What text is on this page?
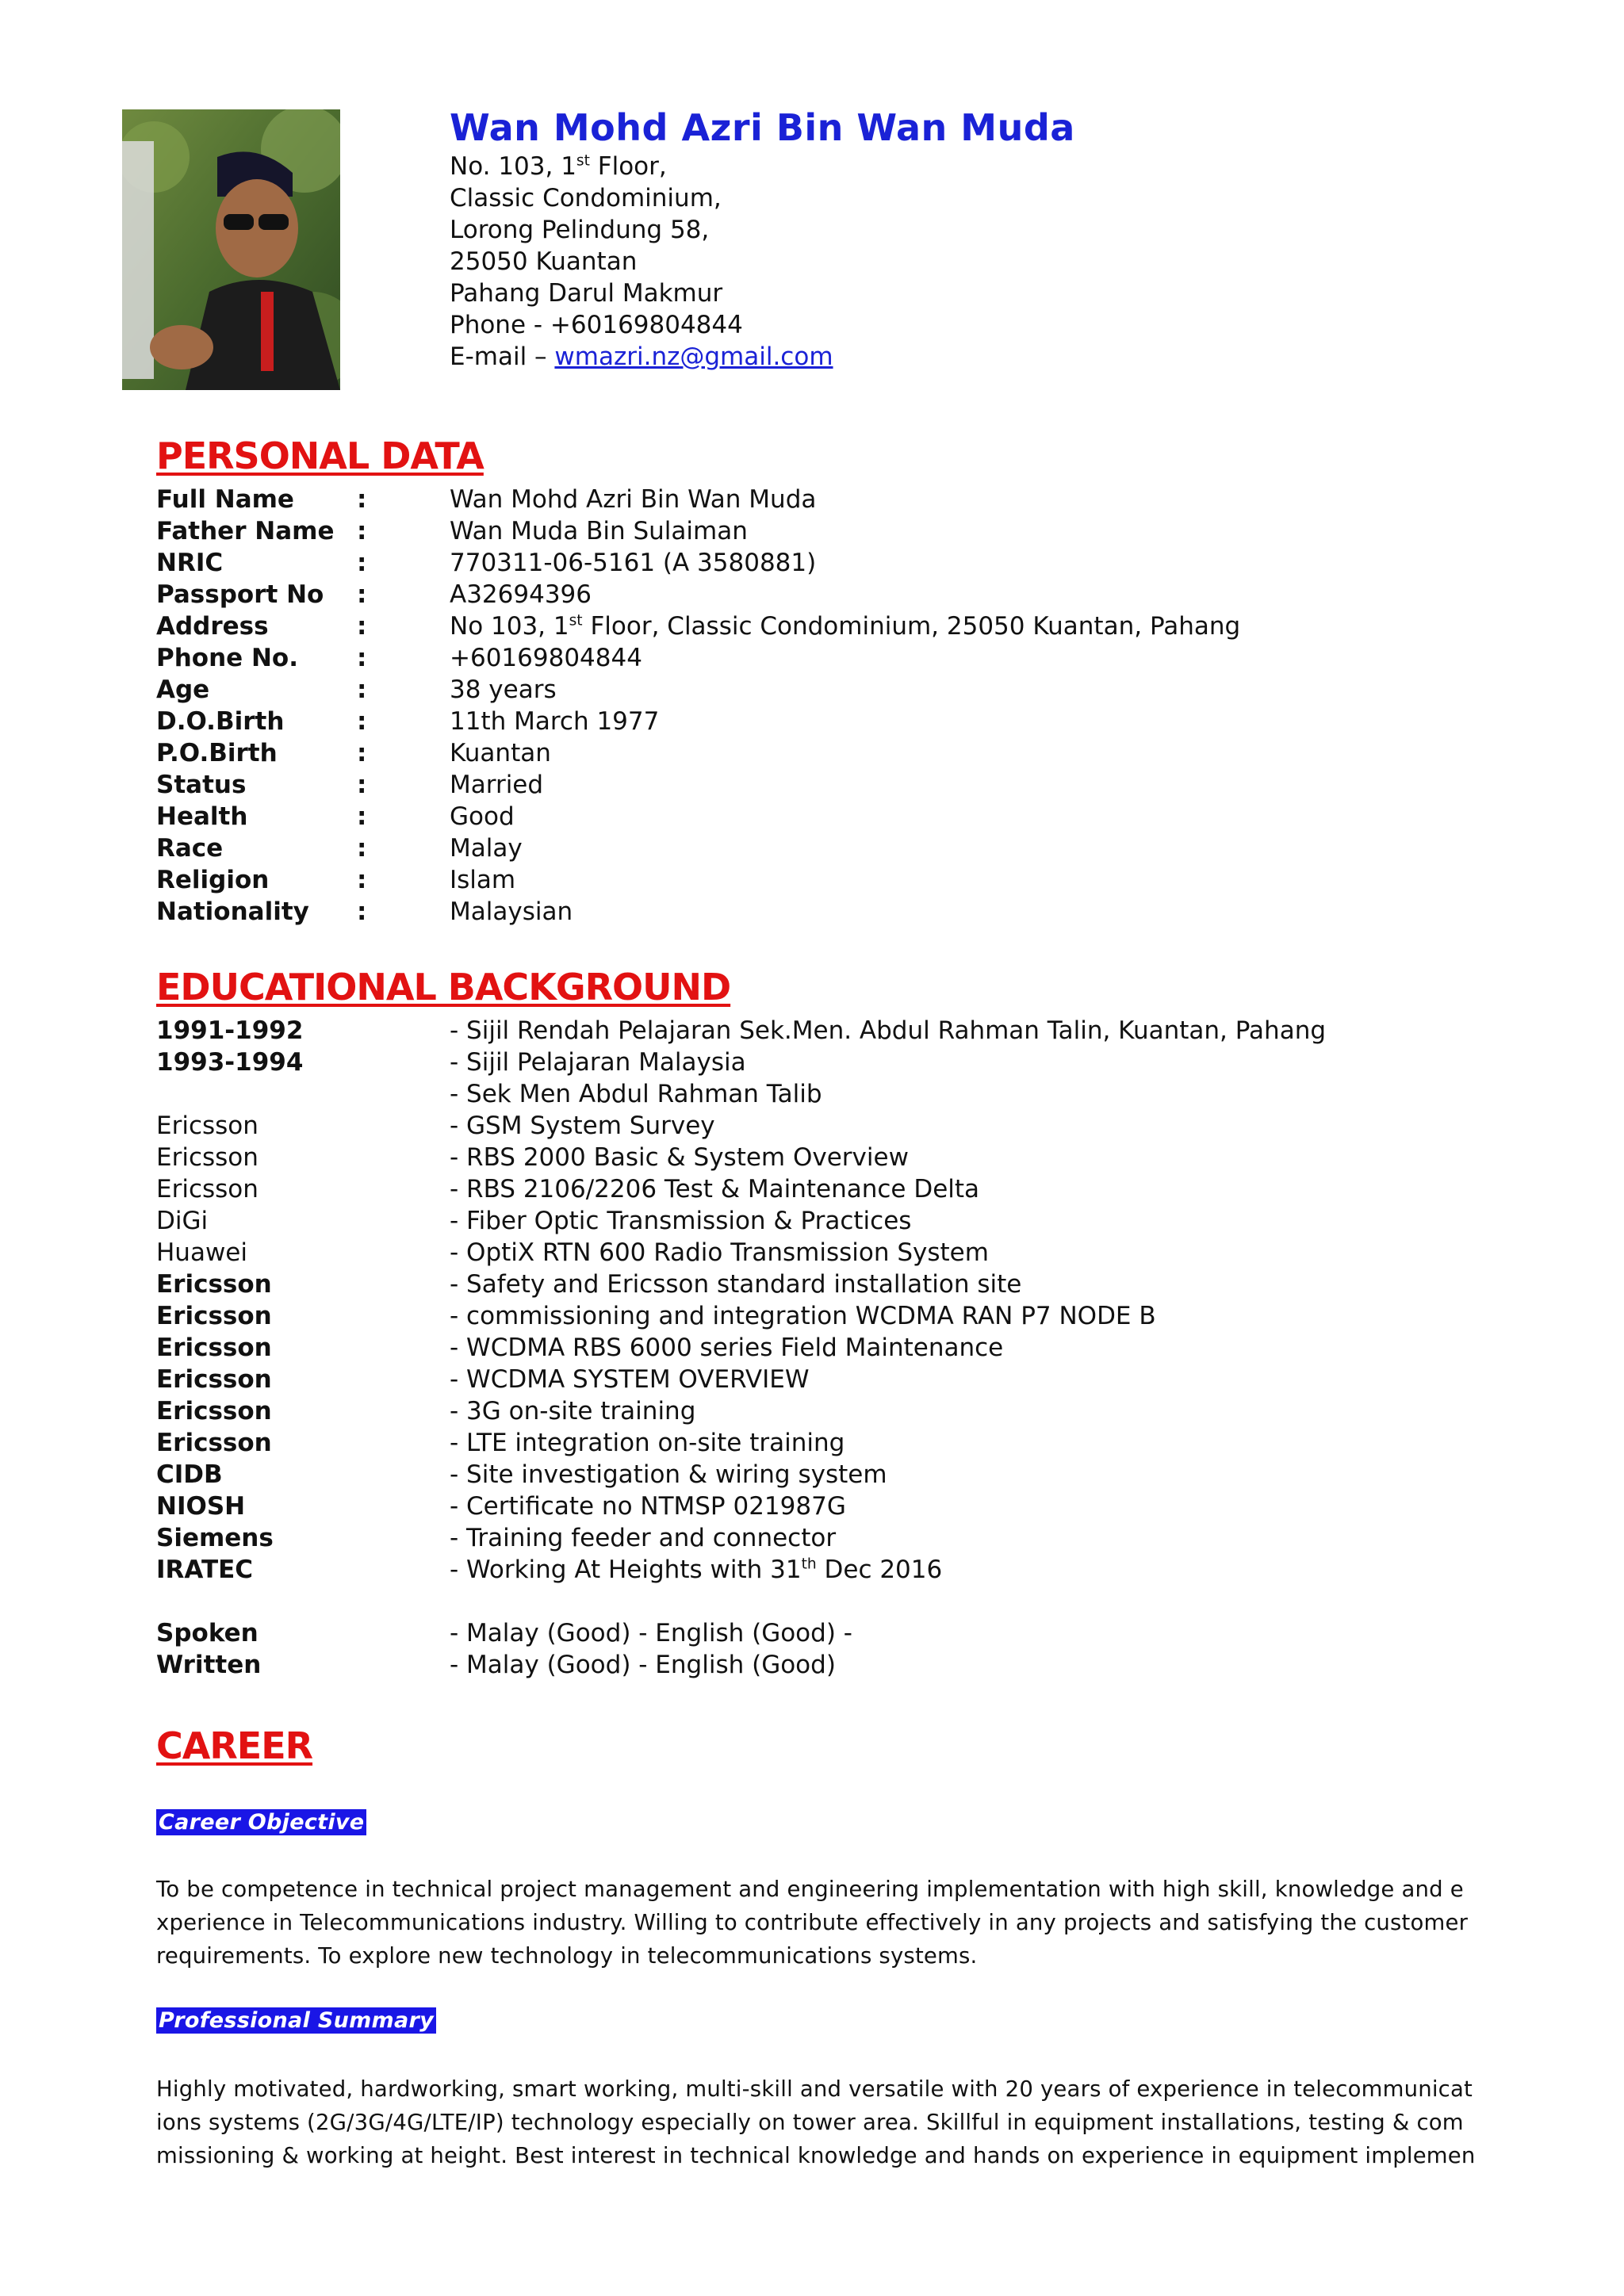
Wan Mohd Azri Bin Wan Muda
No. 103, 1st Floor,
Classic Condominium,
Lorong Pelindung 58,
25050 Kuantan
Pahang Darul Makmur
Phone - +60169804844
E-mail – wmazri.nz@gmail.com
PERSONAL DATA
Full Name	:	Wan Mohd Azri Bin Wan Muda
Father Name :	Wan Muda Bin Sulaiman
NRIC	:	770311-06-5161 (A 3580881)
Passport No :	A32694396
Address	:	No 103, 1st Floor, Classic Condominium, 25050 Kuantan, Pahang
Phone No. :	+60169804844
Age	:	38 years
D.O.Birth	:	11th March 1977
P.O.Birth	:	Kuantan
Status	:	Married
Health	:	Good
Race	:	Malay
Religion	:	Islam
Nationality :	Malaysian
EDUCATIONAL BACKGROUND
1991-1992	- Sijil Rendah Pelajaran Sek.Men. Abdul Rahman Talin, Kuantan, Pahang
1993-1994	- Sijil Pelajaran Malaysia
- Sek Men Abdul Rahman Talib
Ericsson	- GSM System Survey
Ericsson	- RBS 2000 Basic & System Overview
Ericsson	- RBS 2106/2206 Test & Maintenance Delta
DiGi	- Fiber Optic Transmission & Practices
Huawei	- OptiX RTN 600 Radio Transmission System
Ericsson	- Safety and Ericsson standard installation site
Ericsson	- commissioning and integration WCDMA RAN P7 NODE B
Ericsson	- WCDMA RBS 6000 series Field Maintenance
Ericsson	- WCDMA SYSTEM OVERVIEW
Ericsson	- 3G on-site training
Ericsson	- LTE integration on-site training
CIDB	- Site investigation & wiring system
NIOSH	- Certificate no NTMSP 021987G
Siemens	- Training feeder and connector
IRATEC	- Working At Heights with 31th Dec 2016
Spoken	- Malay (Good) - English (Good) -
Written	- Malay (Good) - English (Good)
CAREER
Career Objective
To be competence in technical project management and engineering implementation with high skill, knowledge and e
xperience in Telecommunications industry. Willing to contribute effectively in any projects and satisfying the customer
requirements. To explore new technology in telecommunications systems.
Professional Summary
Highly motivated, hardworking, smart working, multi-skill and versatile with 20 years of experience in telecommunicat
ions systems (2G/3G/4G/LTE/IP) technology especially on tower area. Skillful in equipment installations, testing & com
missioning & working at height. Best interest in technical knowledge and hands on experience in equipment implemen
